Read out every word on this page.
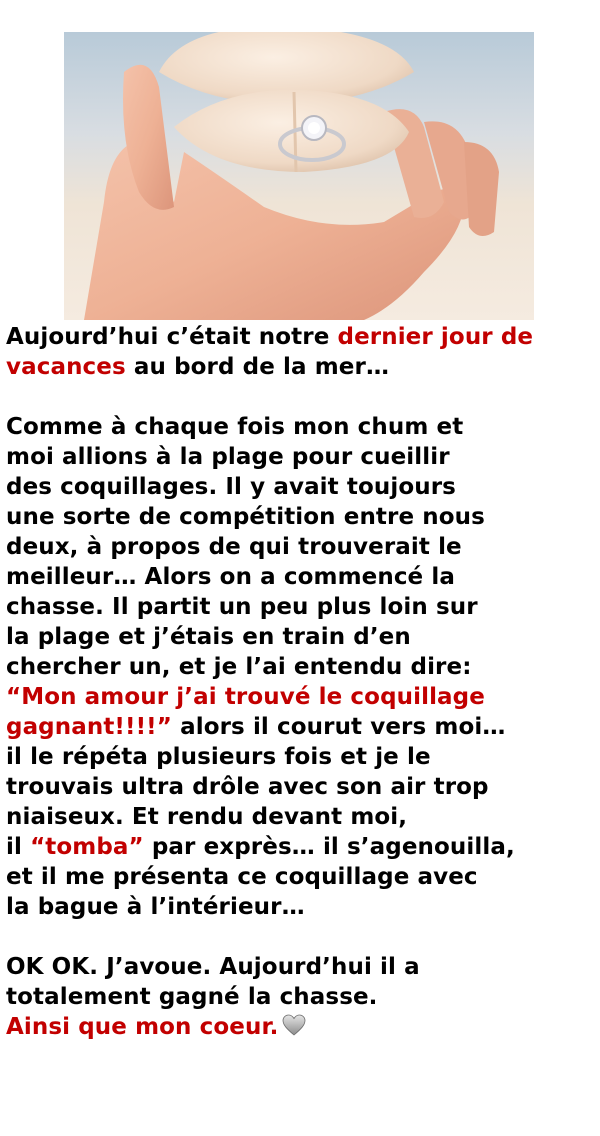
Aujourd’hui c’était notre dernier jour de
vacances au bord de la mer…

Comme à chaque fois mon chum et
moi allions à la plage pour cueillir
des coquillages. Il y avait toujours
une sorte de compétition entre nous
deux, à propos de qui trouverait le
meilleur… Alors on a commencé la
chasse. Il partit un peu plus loin sur
la plage et j’étais en train d’en
chercher un, et je l’ai entendu dire:
“Mon amour j’ai trouvé le coquillage
gagnant!!!!” alors il courut vers moi…
il le répéta plusieurs fois et je le
trouvais ultra drôle avec son air trop
niaiseux. Et rendu devant moi,
il “tomba” par exprès… il s’agenouilla,
et il me présenta ce coquillage avec
la bague à l’intérieur…

OK OK. J’avoue. Aujourd’hui il a
totalement gagné la chasse.
Ainsi que mon coeur.
